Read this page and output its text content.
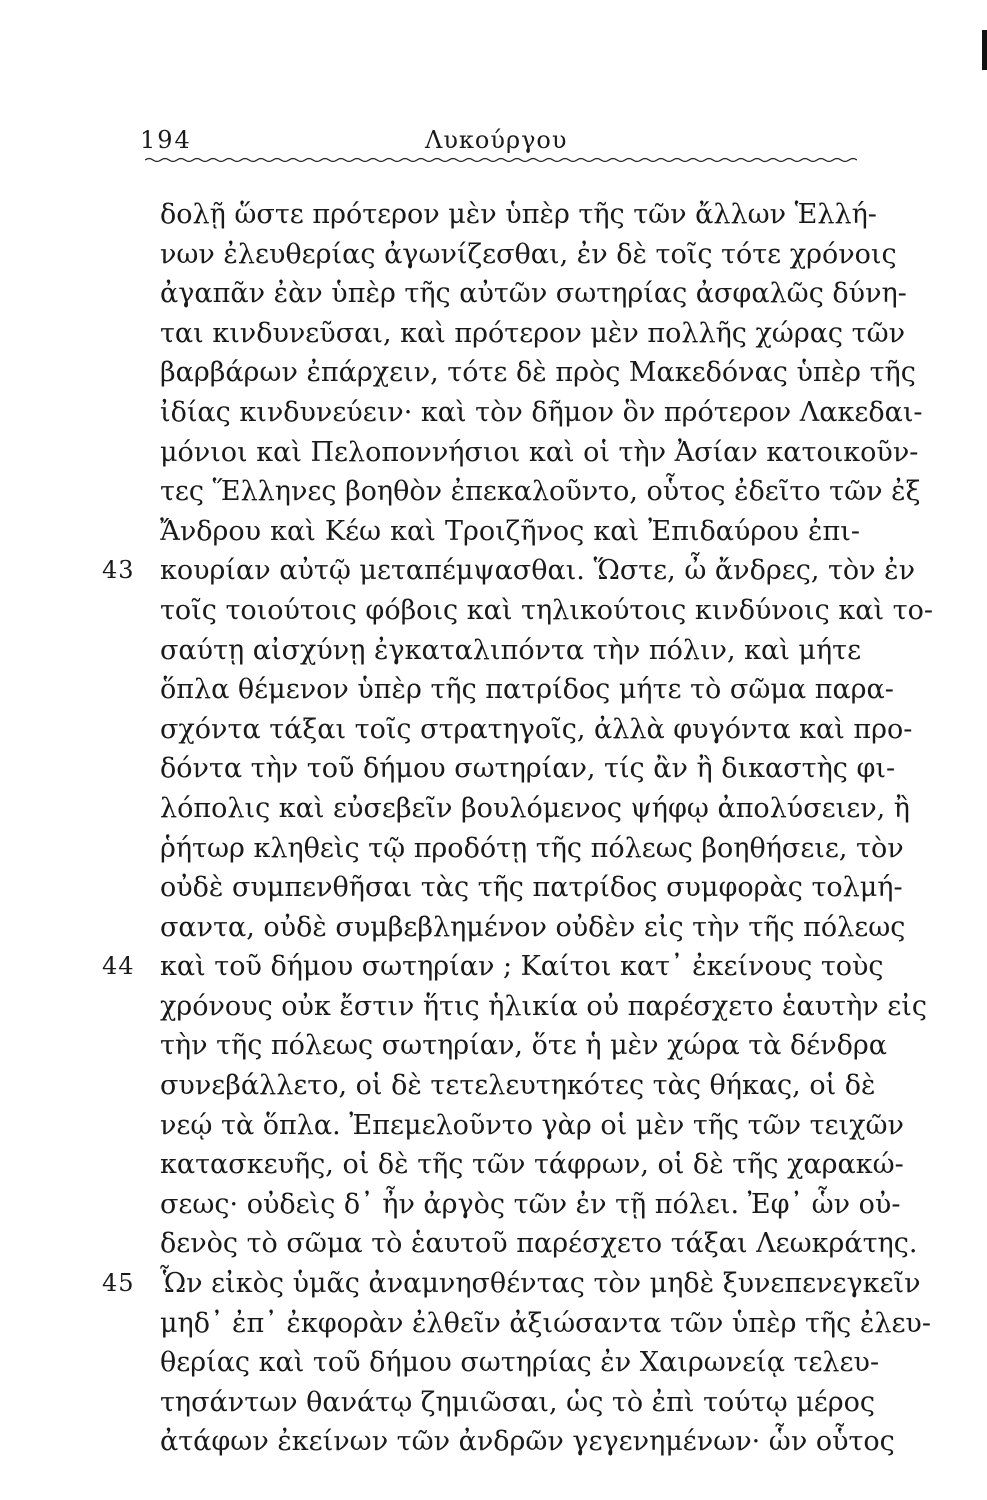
194	Λυκούργου
δολῇ ὥστε πρότερον μὲν ὑπὲρ τῆς τῶν ἄλλων Ἑλλή-
νων ἐλευθερίας ἀγωνίζεσθαι, ἐν δὲ τοῖς τότε χρόνοις
ἀγαπᾶν ἐὰν ὑπὲρ τῆς αὐτῶν σωτηρίας ἀσφαλῶς δύνη-
ται κινδυνεῦσαι, καὶ πρότερον μὲν πολλῆς χώρας τῶν
βαρβάρων ἐπάρχειν, τότε δὲ πρὸς Μακεδόνας ὑπὲρ τῆς
ἰδίας κινδυνεύειν· καὶ τὸν δῆμον ὃν πρότερον Λακεδαι-
μόνιοι καὶ Πελοποννήσιοι καὶ οἱ τὴν Ἀσίαν κατοικοῦν-
τες Ἕλληνες βοηθὸν ἐπεκαλοῦντο, οὗτος ἐδεῖτο τῶν ἐξ
Ἄνδρου καὶ Κέω καὶ Τροιζῆνος καὶ Ἐπιδαύρου ἐπι-
43 κουρίαν αὐτῷ μεταπέμψασθαι. Ὥστε, ὦ ἄνδρες, τὸν ἐν
τοῖς τοιούτοις φόβοις καὶ τηλικούτοις κινδύνοις καὶ το-
σαύτῃ αἰσχύνῃ ἐγκαταλιπόντα τὴν πόλιν, καὶ μήτε
ὅπλα θέμενον ὑπὲρ τῆς πατρίδος μήτε τὸ σῶμα παρα-
σχόντα τάξαι τοῖς στρατηγοῖς, ἀλλὰ φυγόντα καὶ προ-
δόντα τὴν τοῦ δήμου σωτηρίαν, τίς ἂν ἢ δικαστὴς φι-
λόπολις καὶ εὐσεβεῖν βουλόμενος ψήφῳ ἀπολύσειεν, ἢ
ῥήτωρ κληθεὶς τῷ προδότῃ τῆς πόλεως βοηθήσειε, τὸν
οὐδὲ συμπενθῆσαι τὰς τῆς πατρίδος συμφορὰς τολμή-
σαντα, οὐδὲ συμβεβλημένον οὐδὲν εἰς τὴν τῆς πόλεως
44 καὶ τοῦ δήμου σωτηρίαν ; Καίτοι κατ᾽ ἐκείνους τοὺς
χρόνους οὐκ ἔστιν ἥτις ἡλικία οὐ παρέσχετο ἑαυτὴν εἰς
τὴν τῆς πόλεως σωτηρίαν, ὅτε ἡ μὲν χώρα τὰ δένδρα
συνεβάλλετο, οἱ δὲ τετελευτηκότες τὰς θήκας, οἱ δὲ
νεῴ τὰ ὅπλα. Ἐπεμελοῦντο γὰρ οἱ μὲν τῆς τῶν τειχῶν
κατασκευῆς, οἱ δὲ τῆς τῶν τάφρων, οἱ δὲ τῆς χαρακώ-
σεως· οὐδεὶς δ᾽ ἦν ἀργὸς τῶν ἐν τῇ πόλει. Ἐφ᾽ ὧν οὐ-
δενὸς τὸ σῶμα τὸ ἑαυτοῦ παρέσχετο τάξαι Λεωκράτης.
45 Ὧν εἰκὸς ὑμᾶς ἀναμνησθέντας τὸν μηδὲ ξυνεπενεγκεῖν
μηδ᾽ ἐπ᾽ ἐκφορὰν ἐλθεῖν ἀξιώσαντα τῶν ὑπὲρ τῆς ἐλευ-
θερίας καὶ τοῦ δήμου σωτηρίας ἐν Χαιρωνείᾳ τελευ-
τησάντων θανάτῳ ζημιῶσαι, ὡς τὸ ἐπὶ τούτῳ μέρος
ἀτάφων ἐκείνων τῶν ἀνδρῶν γεγενημένων· ὧν οὗτος
